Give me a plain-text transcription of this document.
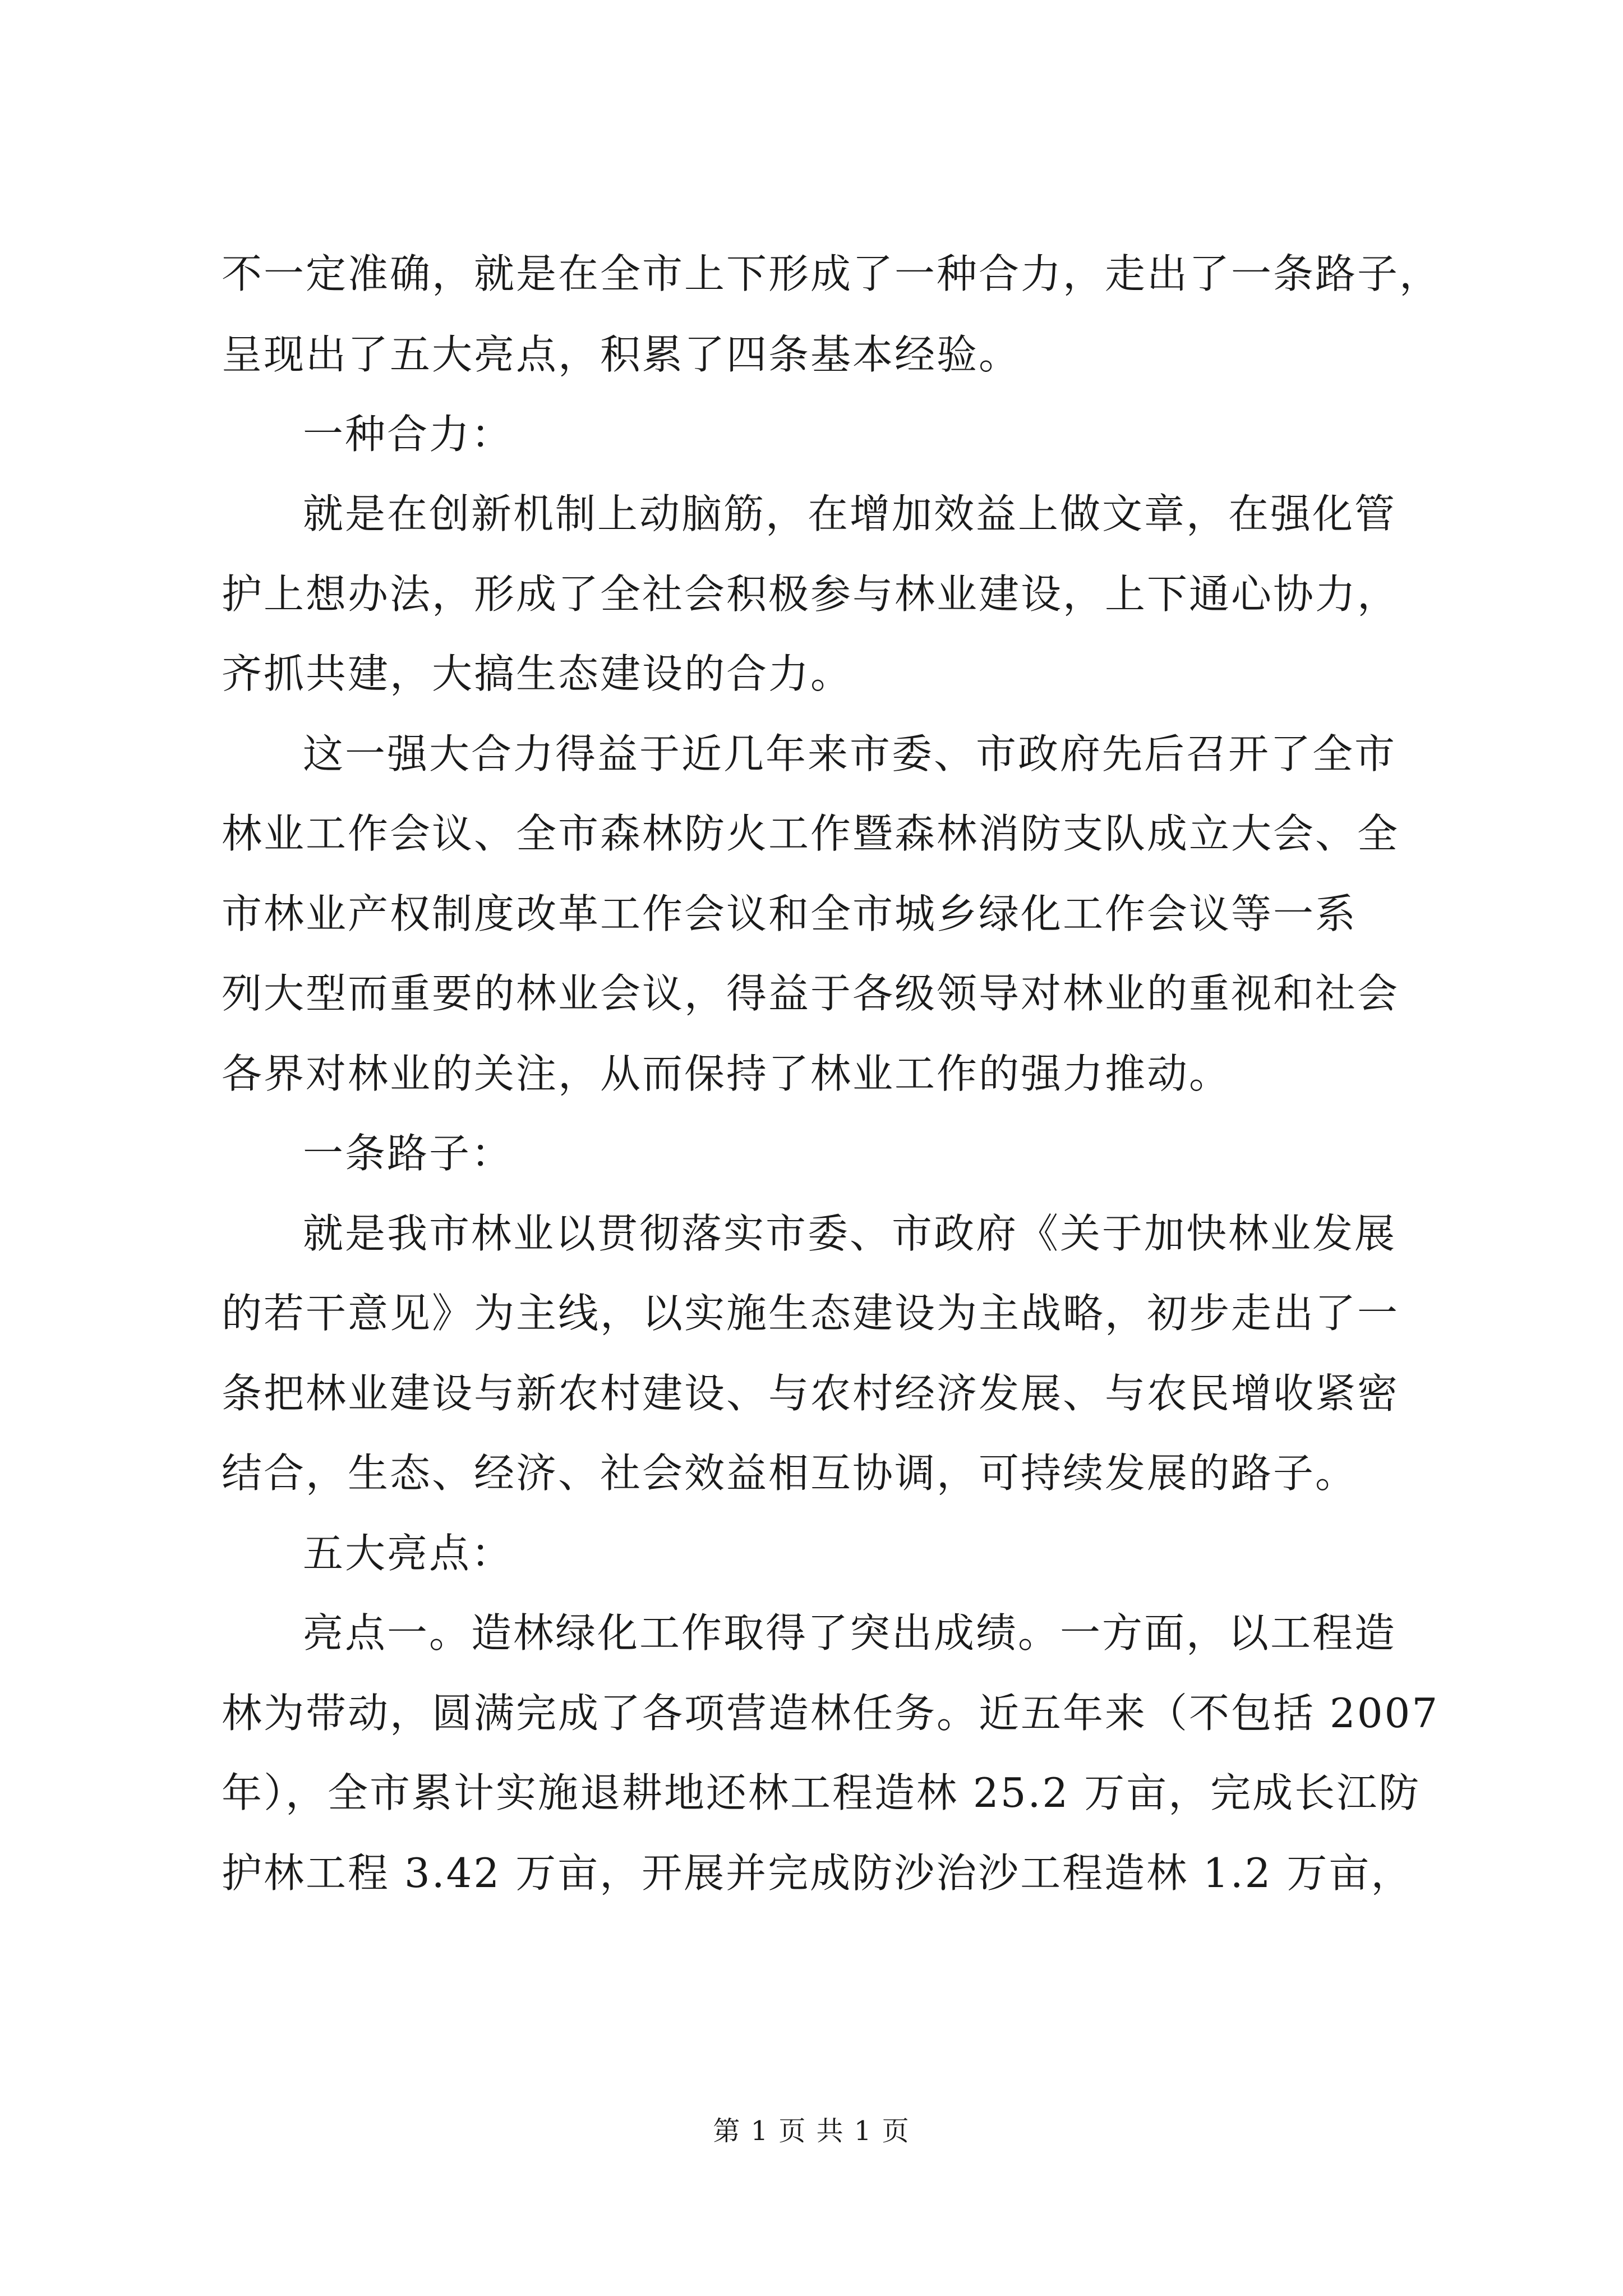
不一定准确，就是在全市上下形成了一种合力，走出了一条路子，
呈现出了五大亮点，积累了四条基本经验。
一种合力：
就是在创新机制上动脑筋，在增加效益上做文章，在强化管
护上想办法，形成了全社会积极参与林业建设，上下通心协力，
齐抓共建，大搞生态建设的合力。
这一强大合力得益于近几年来市委、市政府先后召开了全市
林业工作会议、全市森林防火工作暨森林消防支队成立大会、全
市林业产权制度改革工作会议和全市城乡绿化工作会议等一系
列大型而重要的林业会议，得益于各级领导对林业的重视和社会
各界对林业的关注，从而保持了林业工作的强力推动。
一条路子：
就是我市林业以贯彻落实市委、市政府《关于加快林业发展
的若干意见》为主线，以实施生态建设为主战略，初步走出了一
条把林业建设与新农村建设、与农村经济发展、与农民增收紧密
结合，生态、经济、社会效益相互协调，可持续发展的路子。
五大亮点：
亮点一。造林绿化工作取得了突出成绩。一方面，以工程造
林为带动，圆满完成了各项营造林任务。近五年来（不包括 2007
年），全市累计实施退耕地还林工程造林 25.2 万亩，完成长江防
护林工程 3.42 万亩，开展并完成防沙治沙工程造林 1.2 万亩，
第 1 页 共 1 页
